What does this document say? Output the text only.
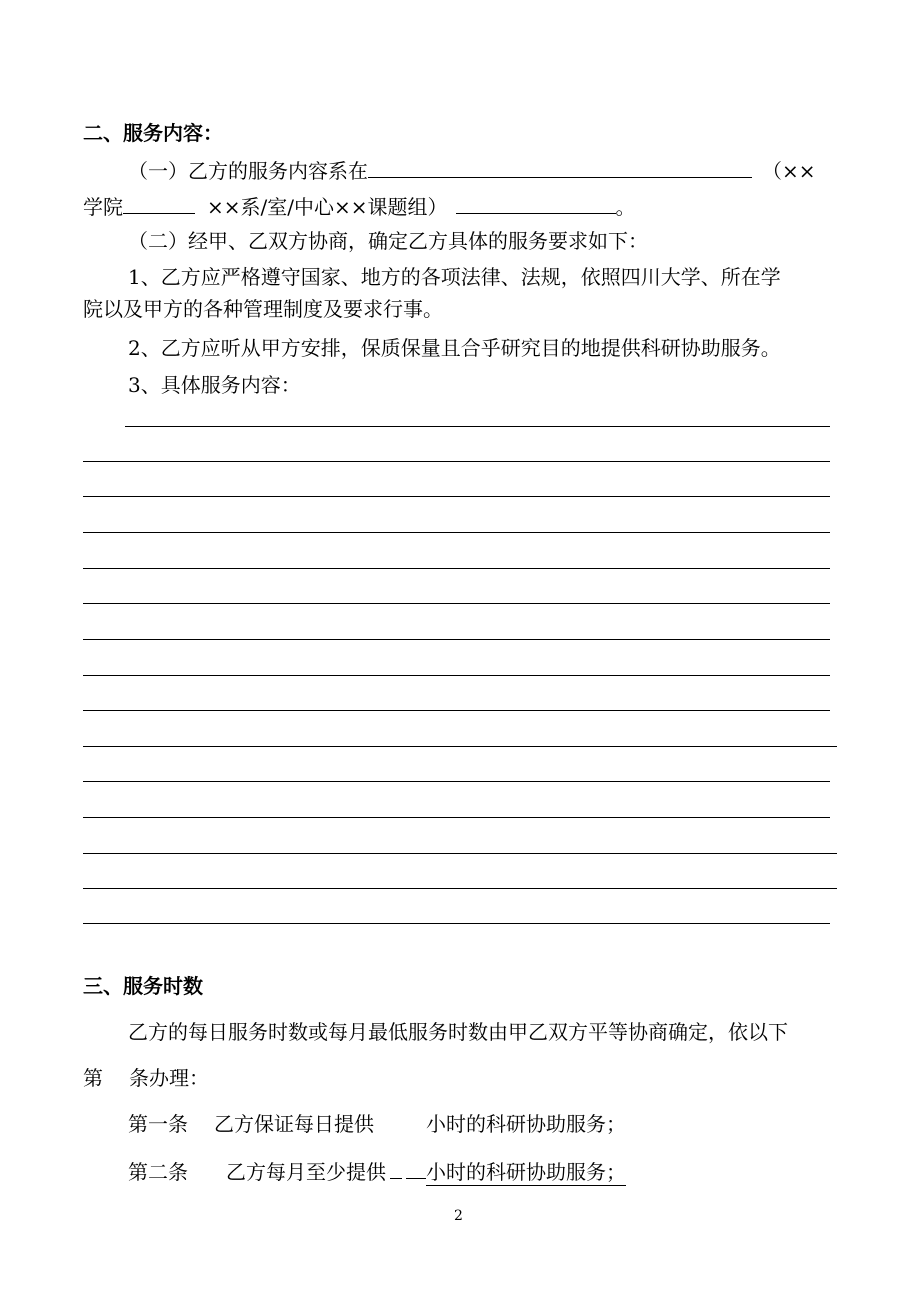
二、服务内容：
（一）乙方的服务内容系在	（××
学院	××系/室/中心××课题组）	。
（二）经甲、乙双方协商，确定乙方具体的服务要求如下：
1、乙方应严格遵守国家、地方的各项法律、法规，依照四川大学、所在学
院以及甲方的各种管理制度及要求行事。
2、乙方应听从甲方安排，保质保量且合乎研究目的地提供科研协助服务。
3、具体服务内容：
三、服务时数
乙方的每日服务时数或每月最低服务时数由甲乙双方平等协商确定，依以下
第 条办理：
第一条 乙方保证每日提供	小时的科研协助服务；
第二条 乙方每月至少提供 小时的科研协助服务；
2
